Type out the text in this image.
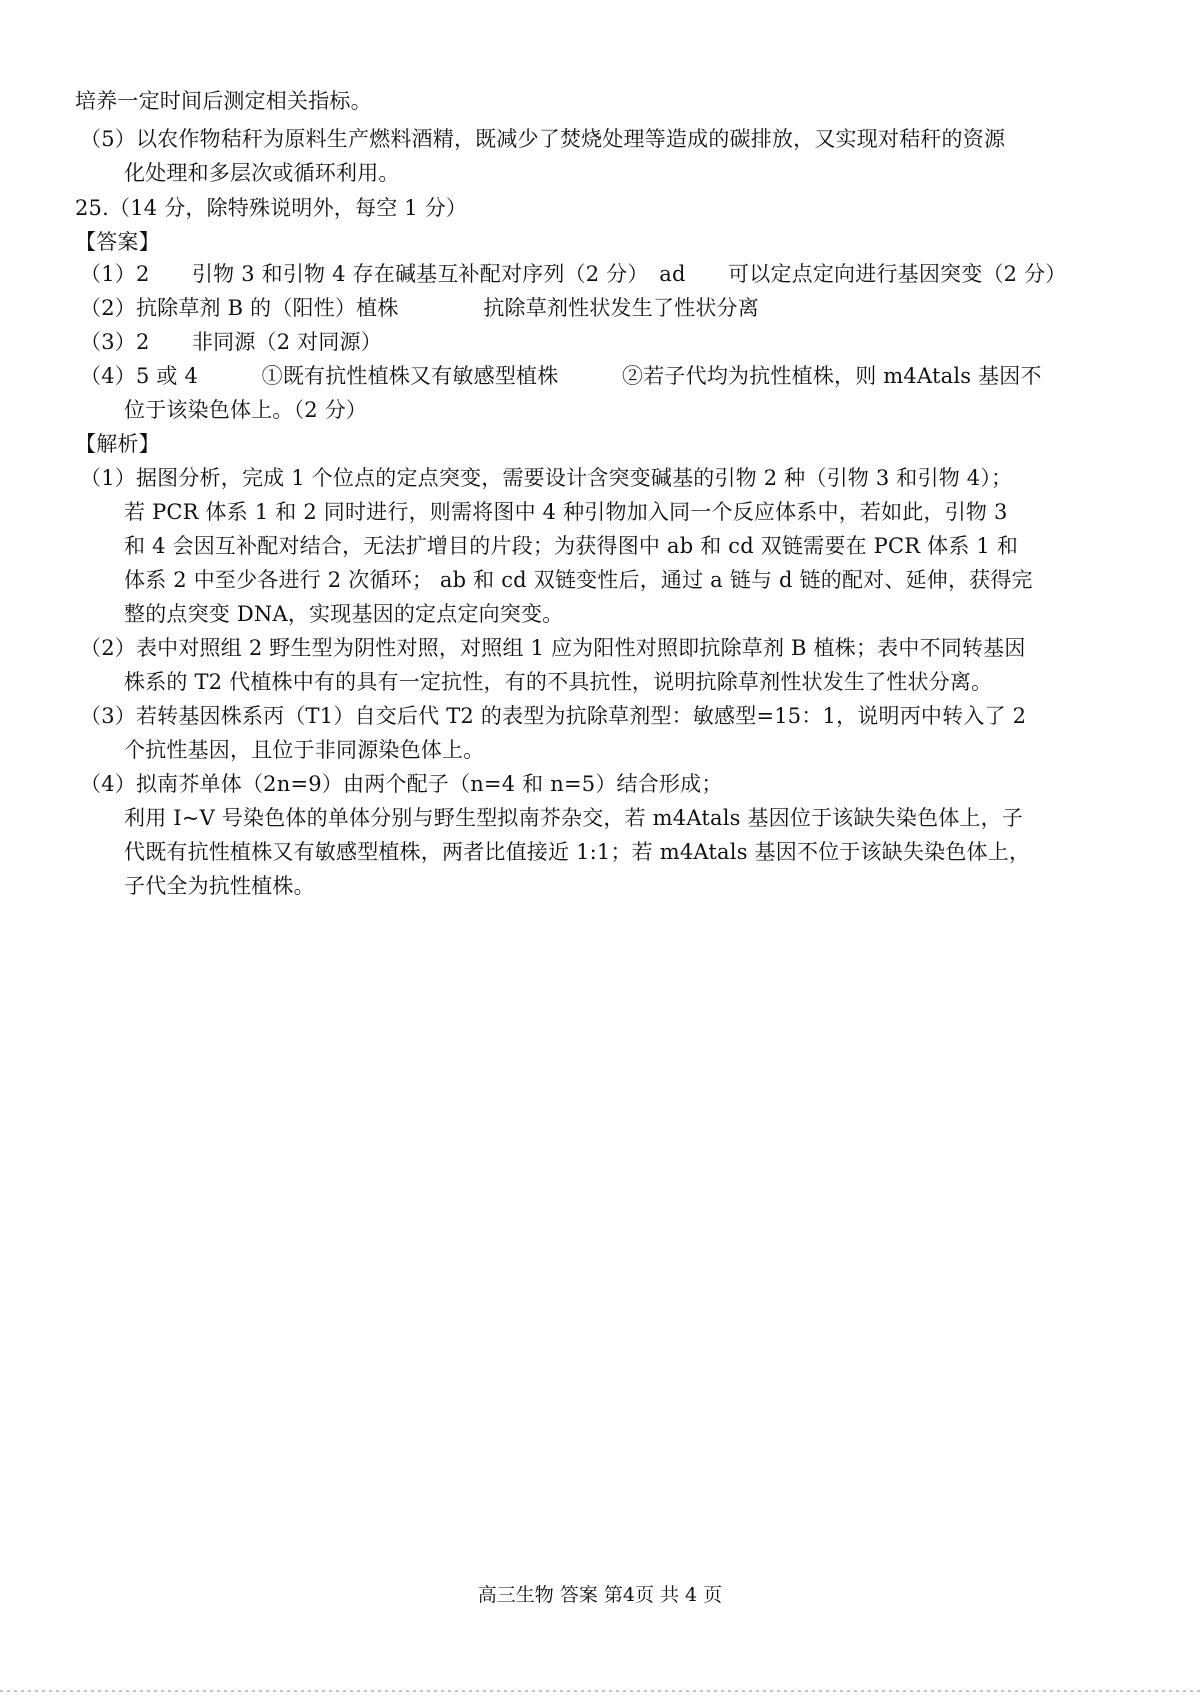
培养一定时间后测定相关指标。
（5）以农作物秸秆为原料生产燃料酒精，既减少了焚烧处理等造成的碳排放，又实现对秸秆的资源
化处理和多层次或循环利用。
25.（14 分，除特殊说明外，每空 1 分）
【答案】
（1）2　　引物 3 和引物 4 存在碱基互补配对序列（2 分）　ad　　可以定点定向进行基因突变（2 分）
（2）抗除草剂 B 的（阳性）植株　　　　抗除草剂性状发生了性状分离
（3）2　　非同源（2 对同源）
（4）5 或 4　　　①既有抗性植株又有敏感型植株　　　②若子代均为抗性植株，则 m4Atals 基因不
位于该染色体上。（2 分）
【解析】
（1）据图分析，完成 1 个位点的定点突变，需要设计含突变碱基的引物 2 种（引物 3 和引物 4）；
若 PCR 体系 1 和 2 同时进行，则需将图中 4 种引物加入同一个反应体系中，若如此，引物 3
和 4 会因互补配对结合，无法扩增目的片段；为获得图中 ab 和 cd 双链需要在 PCR 体系 1 和
体系 2 中至少各进行 2 次循环； ab 和 cd 双链变性后，通过 a 链与 d 链的配对、延伸，获得完
整的点突变 DNA，实现基因的定点定向突变。
（2）表中对照组 2 野生型为阴性对照，对照组 1 应为阳性对照即抗除草剂 B 植株；表中不同转基因
株系的 T2 代植株中有的具有一定抗性，有的不具抗性，说明抗除草剂性状发生了性状分离。
（3）若转基因株系丙（T1）自交后代 T2 的表型为抗除草剂型：敏感型=15：1，说明丙中转入了 2
个抗性基因，且位于非同源染色体上。
（4）拟南芥单体（2n=9）由两个配子（n=4 和 n=5）结合形成；
利用 I~V 号染色体的单体分别与野生型拟南芥杂交，若 m4Atals 基因位于该缺失染色体上，子
代既有抗性植株又有敏感型植株，两者比值接近 1:1；若 m4Atals 基因不位于该缺失染色体上，
子代全为抗性植株。
高三生物 答案 第4页 共 4 页
